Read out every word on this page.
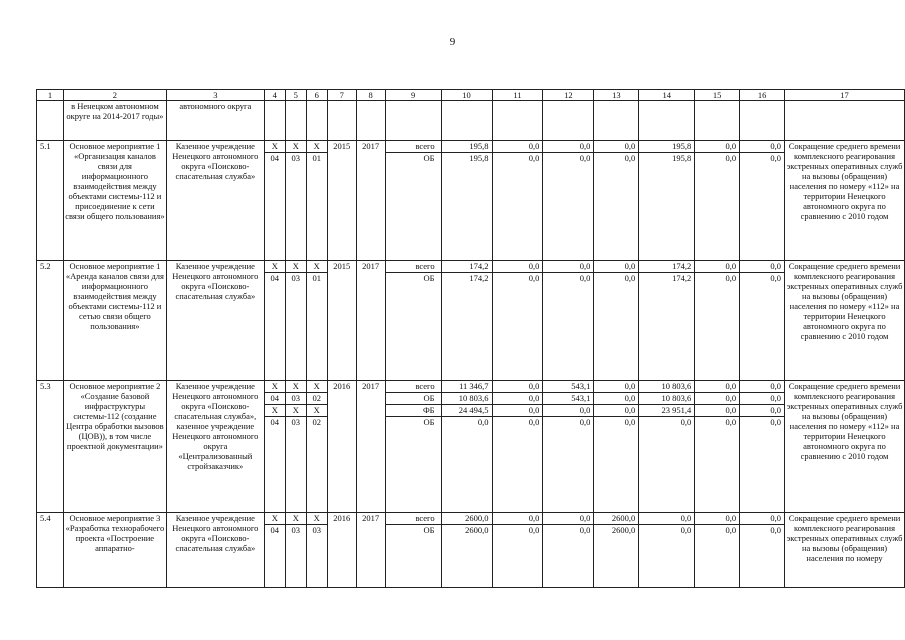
9
1	2	3	4	5	6	7	8	9	10	11	12	13	14	15	16	17
	в Ненецком автономном округе на 2014-2017 годы»	автономного округа														
5.1	Основное мероприятие 1 «Организация каналов связи для информационного взаимодействия между объектами системы-112 и присоединение к сети связи общего пользования»	Казенное учреждение Ненецкого автономного округа «Поисково-спасательная служба»	X	X	X	2015	2017	всего	195,8	0,0	0,0	0,0	195,8	0,0	0,0	Сокращение среднего времени комплексного реагирования экстренных оперативных служб на вызовы (обращения) населения по номеру «112» на территории Ненецкого автономного округа по сравнению с 2010 годом
			04	03	01			ОБ	195,8	0,0	0,0	0,0	195,8	0,0	0,0	
5.2	Основное мероприятие 1 «Аренда каналов связи для информационного взаимодействия между объектами системы-112 и сетью связи общего пользования»	Казенное учреждение Ненецкого автономного округа «Поисково-спасательная служба»	X	X	X	2015	2017	всего	174,2	0,0	0,0	0,0	174,2	0,0	0,0	Сокращение среднего времени комплексного реагирования экстренных оперативных служб на вызовы (обращения) населения по номеру «112» на территории Ненецкого автономного округа по сравнению с 2010 годом
			04	03	01			ОБ	174,2	0,0	0,0	0,0	174,2	0,0	0,0	
5.3	Основное мероприятие 2 «Создание базовой инфраструктуры системы-112 (создание Центра обработки вызовов (ЦОВ)), в том числе проектной документации»	Казенное учреждение Ненецкого автономного округа «Поисково-спасательная служба», казенное учреждение Ненецкого автономного округа «Централизованный стройзаказчик»	X	X	X	2016	2017	всего	11 346,7	0,0	543,1	0,0	10 803,6	0,0	0,0	Сокращение среднего времени комплексного реагирования экстренных оперативных служб на вызовы (обращения) населения по номеру «112» на территории Ненецкого автономного округа по сравнению с 2010 годом
			04	03	02			ОБ	10 803,6	0,0	543,1	0,0	10 803,6	0,0	0,0	
			X	X	X			ФБ	24 494,5	0,0	0,0	0,0	23 951,4	0,0	0,0	
			04	03	02			ОБ	0,0	0,0	0,0	0,0	0,0	0,0	0,0	
5.4	Основное мероприятие 3 «Разработка технорабочего проекта «Построение аппаратно-	Казенное учреждение Ненецкого автономного округа «Поисково-спасательная служба»	X	X	X	2016	2017	всего	2600,0	0,0	0,0	2600,0	0,0	0,0	0,0	Сокращение среднего времени комплексного реагирования экстренных оперативных служб на вызовы (обращения) населения по номеру
			04	03	03			ОБ	2600,0	0,0	0,0	2600,0	0,0	0,0	0,0	
